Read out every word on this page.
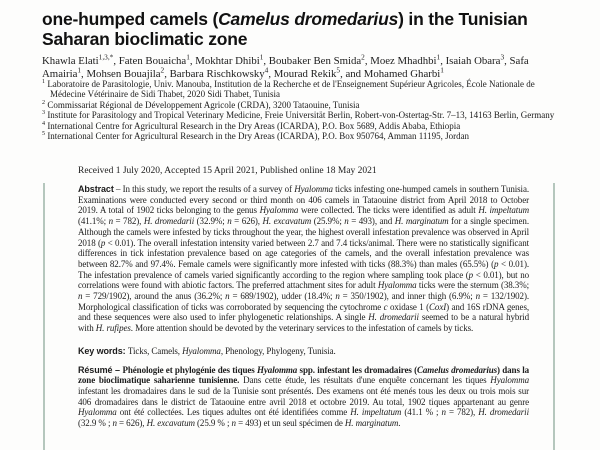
one-humped camels (Camelus dromedarius) in the Tunisian Saharan bioclimatic zone

Khawla Elati$^{1,3,*}$, Faten Bouaicha$^1$, Mokhtar Dhibi$^1$, Boubaker Ben Smida$^2$, Moez Mhadhbi$^1$, Isaiah Obara$^3$, Safa Amairia$^1$, Mohsen Bouajila$^2$, Barbara Rischkowsky$^4$, Mourad Rekik$^5$, and Mohamed Gharbi$^1$

$^1$ Laboratoire de Parasitologie, Univ. Manouba, Institution de la Recherche et de l'Enseignement Supérieur Agricoles, École Nationale de Médecine Vétérinaire de Sidi Thabet, 2020 Sidi Thabet, Tunisia
$^2$ Commissariat Régional de Développement Agricole (CRDA), 3200 Tataouine, Tunisia
$^3$ Institute for Parasitology and Tropical Veterinary Medicine, Freie Universität Berlin, Robert-von-Ostertag-Str. 7–13, 14163 Berlin, Germany
$^4$ International Centre for Agricultural Research in the Dry Areas (ICARDA), P.O. Box 5689, Addis Ababa, Ethiopia
$^5$ International Center for Agricultural Research in the Dry Areas (ICARDA), P.O. Box 950764, Amman 11195, Jordan

Received 1 July 2020, Accepted 15 April 2021, Published online 18 May 2021

Abstract – In this study, we report the results of a survey of Hyalomma ticks infesting one-humped camels in southern Tunisia. Examinations were conducted every second or third month on 406 camels in Tataouine district from April 2018 to October 2019. A total of 1902 ticks belonging to the genus Hyalomma were collected. The ticks were identified as adult H. impeltatum (41.1%; n = 782), H. dromedarii (32.9%; n = 626), H. excavatum (25.9%; n = 493), and H. marginatum for a single specimen. Although the camels were infested by ticks throughout the year, the highest overall infestation prevalence was observed in April 2018 (p < 0.01). The overall infestation intensity varied between 2.7 and 7.4 ticks/animal. There were no statistically significant differences in tick infestation prevalence based on age categories of the camels, and the overall infestation prevalence was between 82.7% and 97.4%. Female camels were significantly more infested with ticks (88.3%) than males (65.5%) (p < 0.01). The infestation prevalence of camels varied significantly according to the region where sampling took place (p < 0.01), but no correlations were found with abiotic factors. The preferred attachment sites for adult Hyalomma ticks were the sternum (38.3%; n = 729/1902), around the anus (36.2%; n = 689/1902), udder (18.4%; n = 350/1902), and inner thigh (6.9%; n = 132/1902). Morphological classification of ticks was corroborated by sequencing the cytochrome c oxidase 1 (CoxI) and 16S rDNA genes, and these sequences were also used to infer phylogenetic relationships. A single H. dromedarii seemed to be a natural hybrid with H. rufipes. More attention should be devoted by the veterinary services to the infestation of camels by ticks.

Key words: Ticks, Camels, Hyalomma, Phenology, Phylogeny, Tunisia.

Résumé – Phénologie et phylogénie des tiques Hyalomma spp. infestant les dromadaires (Camelus dromedarius) dans la zone bioclimatique saharienne tunisienne. Dans cette étude, les résultats d'une enquête concernant les tiques Hyalomma infestant les dromadaires dans le sud de la Tunisie sont présentés. Des examens ont été menés tous les deux ou trois mois sur 406 dromadaires dans le district de Tataouine entre avril 2018 et octobre 2019. Au total, 1902 tiques appartenant au genre Hyalomma ont été collectées. Les tiques adultes ont été identifiées comme H. impeltatum (41.1 % ; n = 782), H. dromedarii (32.9 % ; n = 626), H. excavatum (25.9 % ; n = 493) et un seul spécimen de H. marginatum.
